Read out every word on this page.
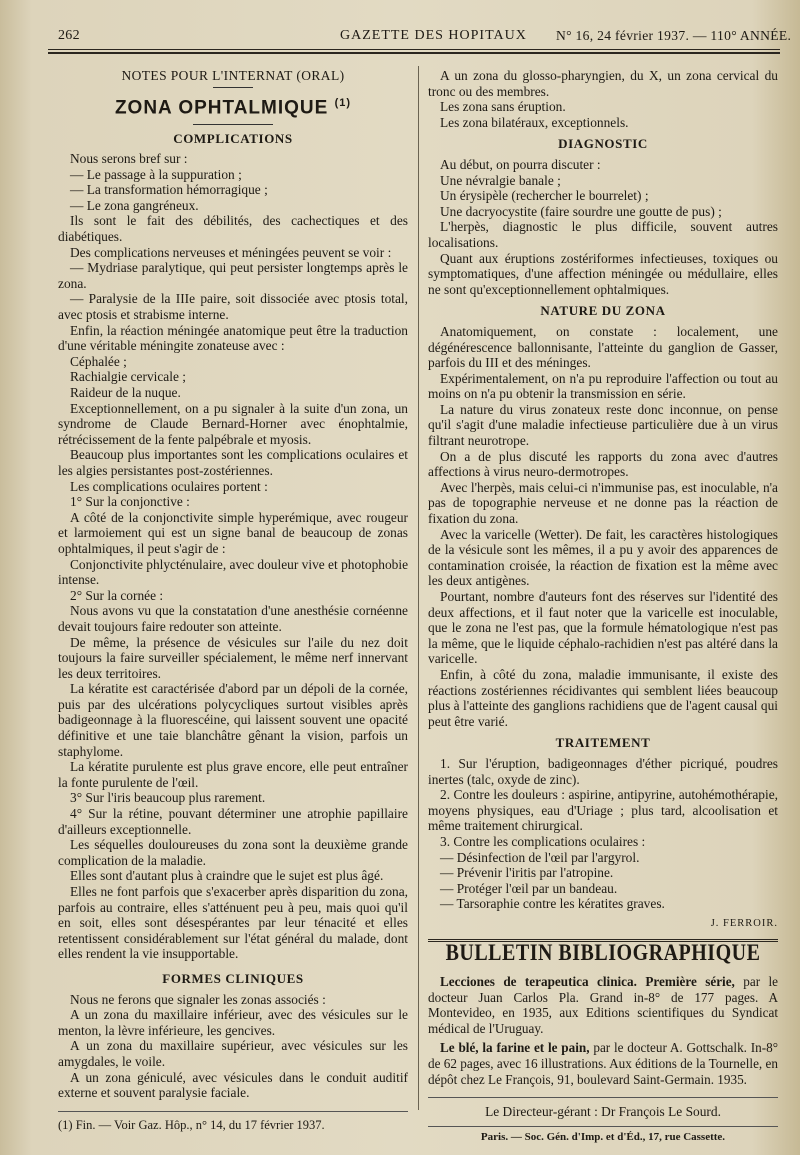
262	GAZETTE DES HOPITAUX N° 16, 24 février 1937. — 110° ANNÉE.
NOTES POUR L'INTERNAT (ORAL)
ZONA OPHTALMIQUE $^{(1)}$
COMPLICATIONS

Nous serons bref sur :

— Le passage à la suppuration ;

— La transformation hémorragique ;

— Le zona gangréneux.

Ils sont le fait des débilités, des cachectiques et des diabétiques.

Des complications nerveuses et méningées peuvent se voir :

— Mydriase paralytique, qui peut persister longtemps après le zona.

— Paralysie de la IIIe paire, soit dissociée avec ptosis total, avec ptosis et strabisme interne.

Enfin, la réaction méningée anatomique peut être la traduction d'une véritable méningite zonateuse avec :

Céphalée ;

Rachialgie cervicale ;

Raideur de la nuque.

Exceptionnellement, on a pu signaler à la suite d'un zona, un syndrome de Claude Bernard-Horner avec énophtalmie, rétrécissement de la fente palpébrale et myosis.

Beaucoup plus importantes sont les complications oculaires et les algies persistantes post-zostériennes.

Les complications oculaires portent :

1° Sur la conjonctive :

A côté de la conjonctivite simple hyperémique, avec rougeur et larmoiement qui est un signe banal de beaucoup de zonas ophtalmiques, il peut s'agir de :

Conjonctivite phlycténulaire, avec douleur vive et photophobie intense.

2° Sur la cornée :

Nous avons vu que la constatation d'une anesthésie cornéenne devait toujours faire redouter son atteinte.

De même, la présence de vésicules sur l'aile du nez doit toujours la faire surveiller spécialement, le même nerf innervant les deux territoires.

La kératite est caractérisée d'abord par un dépoli de la cornée, puis par des ulcérations polycycliques surtout visibles après badigeonnage à la fluorescéine, qui laissent souvent une opacité définitive et une taie blanchâtre gênant la vision, parfois un staphylome.

La kératite purulente est plus grave encore, elle peut entraîner la fonte purulente de l'œil.

3° Sur l'iris beaucoup plus rarement.

4° Sur la rétine, pouvant déterminer une atrophie papillaire d'ailleurs exceptionnelle.

Les séquelles douloureuses du zona sont la deuxième grande complication de la maladie.

Elles sont d'autant plus à craindre que le sujet est plus âgé.

Elles ne font parfois que s'exacerber après disparition du zona, parfois au contraire, elles s'atténuent peu à peu, mais quoi qu'il en soit, elles sont désespérantes par leur ténacité et elles retentissent considérablement sur l'état général du malade, dont elles rendent la vie insupportable.

FORMES CLINIQUES

Nous ne ferons que signaler les zonas associés :

A un zona du maxillaire inférieur, avec des vésicules sur le menton, la lèvre inférieure, les gencives.

A un zona du maxillaire supérieur, avec vésicules sur les amygdales, le voile.

A un zona géniculé, avec vésicules dans le conduit auditif externe et souvent paralysie faciale.

(1) Fin. — Voir Gaz. Hôp., n° 14, du 17 février 1937.

A un zona du glosso-pharyngien, du X, un zona cervical du tronc ou des membres.

Les zona sans éruption.

Les zona bilatéraux, exceptionnels.

DIAGNOSTIC

Au début, on pourra discuter :

Une névralgie banale ;

Un érysipèle (rechercher le bourrelet) ;

Une dacryocystite (faire sourdre une goutte de pus) ;

L'herpès, diagnostic le plus difficile, souvent autres localisations.

Quant aux éruptions zostériformes infectieuses, toxiques ou symptomatiques, d'une affection méningée ou médullaire, elles ne sont qu'exceptionnellement ophtalmiques.

NATURE DU ZONA

Anatomiquement, on constate : localement, une dégénérescence ballonnisante, l'atteinte du ganglion de Gasser, parfois du III et des méninges.

Expérimentalement, on n'a pu reproduire l'affection ou tout au moins on n'a pu obtenir la transmission en série.

La nature du virus zonateux reste donc inconnue, on pense qu'il s'agit d'une maladie infectieuse particulière due à un virus filtrant neurotrope.

On a de plus discuté les rapports du zona avec d'autres affections à virus neuro-dermotropes.

Avec l'herpès, mais celui-ci n'immunise pas, est inoculable, n'a pas de topographie nerveuse et ne donne pas la réaction de fixation du zona.

Avec la varicelle (Wetter). De fait, les caractères histologiques de la vésicule sont les mêmes, il a pu y avoir des apparences de contamination croisée, la réaction de fixation est la même avec les deux antigènes.

Pourtant, nombre d'auteurs font des réserves sur l'identité des deux affections, et il faut noter que la varicelle est inoculable, que le zona ne l'est pas, que la formule hématologique n'est pas la même, que le liquide céphalo-rachidien n'est pas altéré dans la varicelle.

Enfin, à côté du zona, maladie immunisante, il existe des réactions zostériennes récidivantes qui semblent liées beaucoup plus à l'atteinte des ganglions rachidiens que de l'agent causal qui peut être varié.

TRAITEMENT

1. Sur l'éruption, badigeonnages d'éther picriqué, poudres inertes (talc, oxyde de zinc).

2. Contre les douleurs : aspirine, antipyrine, autohémothérapie, moyens physiques, eau d'Uriage ; plus tard, alcoolisation et même traitement chirurgical.

3. Contre les complications oculaires :

— Désinfection de l'œil par l'argyrol.

— Prévenir l'iritis par l'atropine.

— Protéger l'œil par un bandeau.

— Tarsoraphie contre les kératites graves.

J. FERROIR.
BULLETIN BIBLIOGRAPHIQUE

Lecciones de terapeutica clinica. Première série, par le docteur Juan Carlos Pla. Grand in-8° de 177 pages. A Montevideo, en 1935, aux Editions scientifiques du Syndicat médical de l'Uruguay.

Le blé, la farine et le pain, par le docteur A. Gottschalk. In-8° de 62 pages, avec 16 illustrations. Aux éditions de la Tournelle, en dépôt chez Le François, 91, boulevard Saint-Germain. 1935.

Le Directeur-gérant : Dr François Le Sourd.
Paris. — Soc. Gén. d'Imp. et d'Éd., 17, rue Cassette.
